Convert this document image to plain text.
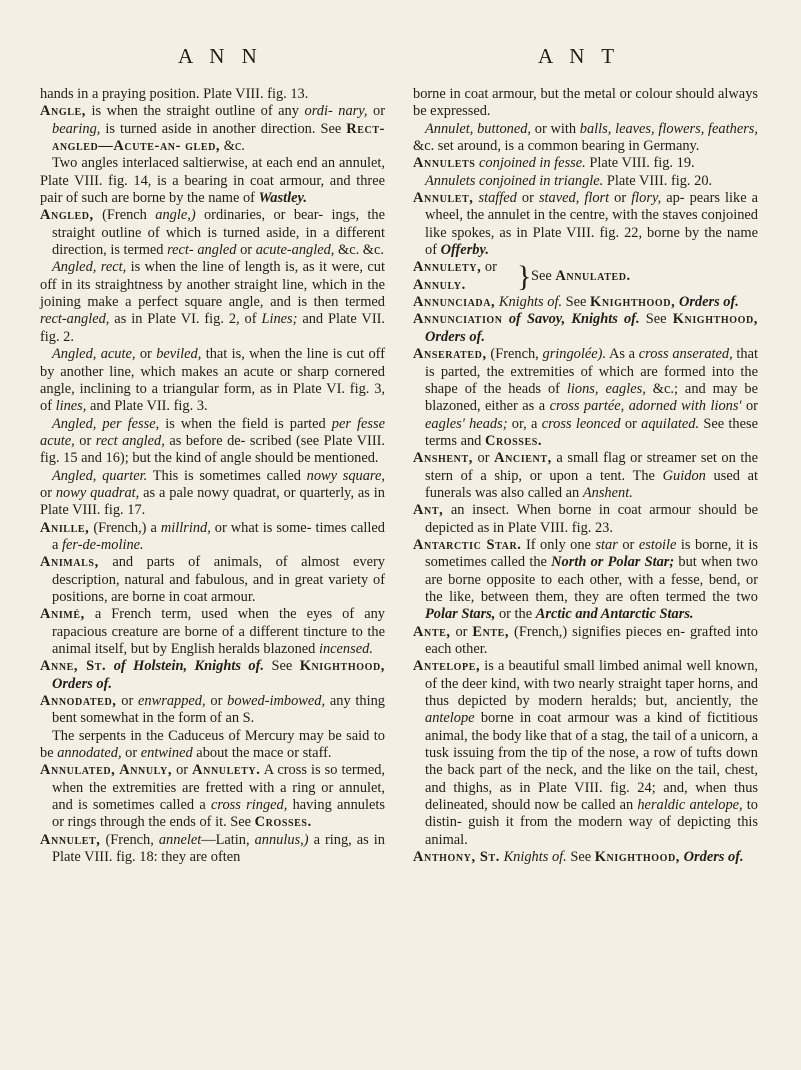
A N N	A N T

hands in a praying position. Plate VIII. fig. 13.

Angle, is when the straight outline of any ordi- nary, or bearing, is turned aside in another direction. See Rect-angled—Acute-an- gled, &c.

Two angles interlaced saltierwise, at each end an annulet, Plate VIII. fig. 14, is a bearing in coat armour, and three pair of such are borne by the name of Wastley.

Angled, (French angle,) ordinaries, or bear- ings, the straight outline of which is turned aside, in a different direction, is termed rect- angled or acute-angled, &c. &c.

Angled, rect, is when the line of length is, as it were, cut off in its straightness by another straight line, which in the joining make a perfect square angle, and is then termed rect-angled, as in Plate VI. fig. 2, of Lines; and Plate VII. fig. 2.

Angled, acute, or beviled, that is, when the line is cut off by another line, which makes an acute or sharp cornered angle, inclining to a triangular form, as in Plate VI. fig. 3, of lines, and Plate VII. fig. 3.

Angled, per fesse, is when the field is parted per fesse acute, or rect angled, as before de- scribed (see Plate VIII. fig. 15 and 16); but the kind of angle should be mentioned.

Angled, quarter. This is sometimes called nowy square, or nowy quadrat, as a pale nowy quadrat, or quarterly, as in Plate VIII. fig. 17.

Anille, (French,) a millrind, or what is some- times called a fer-de-moline.

Animals, and parts of animals, of almost every description, natural and fabulous, and in great variety of positions, are borne in coat armour.

Animé, a French term, used when the eyes of any rapacious creature are borne of a different tincture to the animal itself, but by English heralds blazoned incensed.

Anne, St. of Holstein, Knights of. See Knighthood, Orders of.

Annodated, or enwrapped, or bowed-imbowed, any thing bent somewhat in the form of an S.

The serpents in the Caduceus of Mercury may be said to be annodated, or entwined about the mace or staff.

Annulated, Annuly, or Annulety. A cross is so termed, when the extremities are fretted with a ring or annulet, and is sometimes called a cross ringed, having annulets or rings through the ends of it. See Crosses.

Annulet, (French, annelet—Latin, annulus,) a ring, as in Plate VIII. fig. 18: they are often

borne in coat armour, but the metal or colour should always be expressed.

Annulet, buttoned, or with balls, leaves, flowers, feathers, &c. set around, is a common bearing in Germany.

Annulets conjoined in fesse. Plate VIII. fig. 19.

Annulets conjoined in triangle. Plate VIII. fig. 20.

Annulet, staffed or staved, flort or flory, ap- pears like a wheel, the annulet in the centre, with the staves conjoined like spokes, as in Plate VIII. fig. 22, borne by the name of Offerby.

Annulety, or

Annuly.	} See Annulated.

Annunciada, Knights of. See Knighthood, Orders of.

Annunciation of Savoy, Knights of. See Knighthood, Orders of.

Anserated, (French, gringolée). As a cross anserated, that is parted, the extremities of which are formed into the shape of the heads of lions, eagles, &c.; and may be blazoned, either as a cross partée, adorned with lions' or eagles' heads; or, a cross leonced or aquilated. See these terms and Crosses.

Anshent, or Ancient, a small flag or streamer set on the stern of a ship, or upon a tent. The Guidon used at funerals was also called an Anshent.

Ant, an insect. When borne in coat armour should be depicted as in Plate VIII. fig. 23.

Antarctic Star. If only one star or estoile is borne, it is sometimes called the North or Polar Star; but when two are borne opposite to each other, with a fesse, bend, or the like, between them, they are often termed the two Polar Stars, or the Arctic and Antarctic Stars.

Ante, or Ente, (French,) signifies pieces en- grafted into each other.

Antelope, is a beautiful small limbed animal well known, of the deer kind, with two nearly straight taper horns, and thus depicted by modern heralds; but, anciently, the antelope borne in coat armour was a kind of fictitious animal, the body like that of a stag, the tail of a unicorn, a tusk issuing from the tip of the nose, a row of tufts down the back part of the neck, and the like on the tail, chest, and thighs, as in Plate VIII. fig. 24; and, when thus delineated, should now be called an heraldic antelope, to distin- guish it from the modern way of depicting this animal.

Anthony, St. Knights of. See Knighthood, Orders of.
